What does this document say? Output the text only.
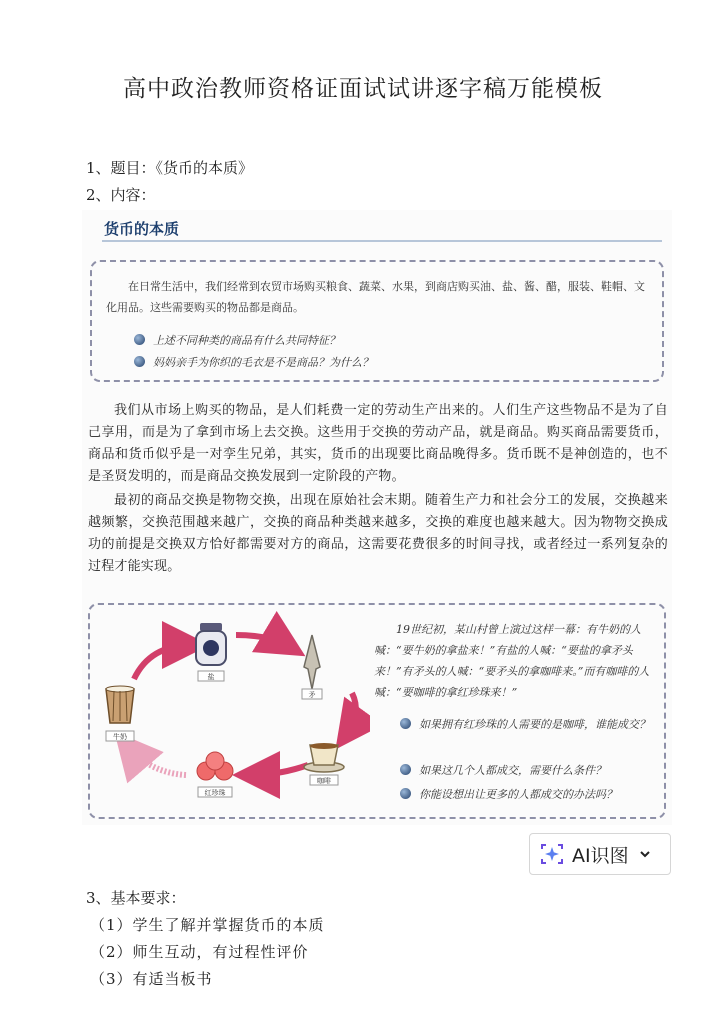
高中政治教师资格证面试试讲逐字稿万能模板
1、题目：《货币的本质》
2、内容：
货币的本质
在日常生活中，我们经常到农贸市场购买粮食、蔬菜、水果，到商店购买油、盐、酱、醋，服装、鞋帽、文化用品。这些需要购买的物品都是商品。
上述不同种类的商品有什么共同特征？
妈妈亲手为你织的毛衣是不是商品？为什么？
我们从市场上购买的物品，是人们耗费一定的劳动生产出来的。人们生产这些物品不是为了自己享用，而是为了拿到市场上去交换。这些用于交换的劳动产品，就是商品。购买商品需要货币，商品和货币似乎是一对孪生兄弟，其实，货币的出现要比商品晚得多。货币既不是神创造的，也不是圣贤发明的，而是商品交换发展到一定阶段的产物。
最初的商品交换是物物交换，出现在原始社会末期。随着生产力和社会分工的发展，交换越来越频繁，交换范围越来越广，交换的商品种类越来越多，交换的难度也越来越大。因为物物交换成功的前提是交换双方恰好都需要对方的商品，这需要花费很多的时间寻找，或者经过一系列复杂的过程才能实现。
盐
矛
咖啡
红珍珠
牛奶
19世纪初，某山村曾上演过这样一幕：有牛奶的人喊：“要牛奶的拿盐来！”有盐的人喊：“要盐的拿矛头来！”有矛头的人喊：“要矛头的拿咖啡来。”而有咖啡的人喊：“要咖啡的拿红珍珠来！”
如果拥有红珍珠的人需要的是咖啡，谁能成交？
如果这几个人都成交，需要什么条件？
你能设想出让更多的人都成交的办法吗？
AI识图
3、基本要求：
（1）学生了解并掌握货币的本质
（2）师生互动，有过程性评价
（3）有适当板书
